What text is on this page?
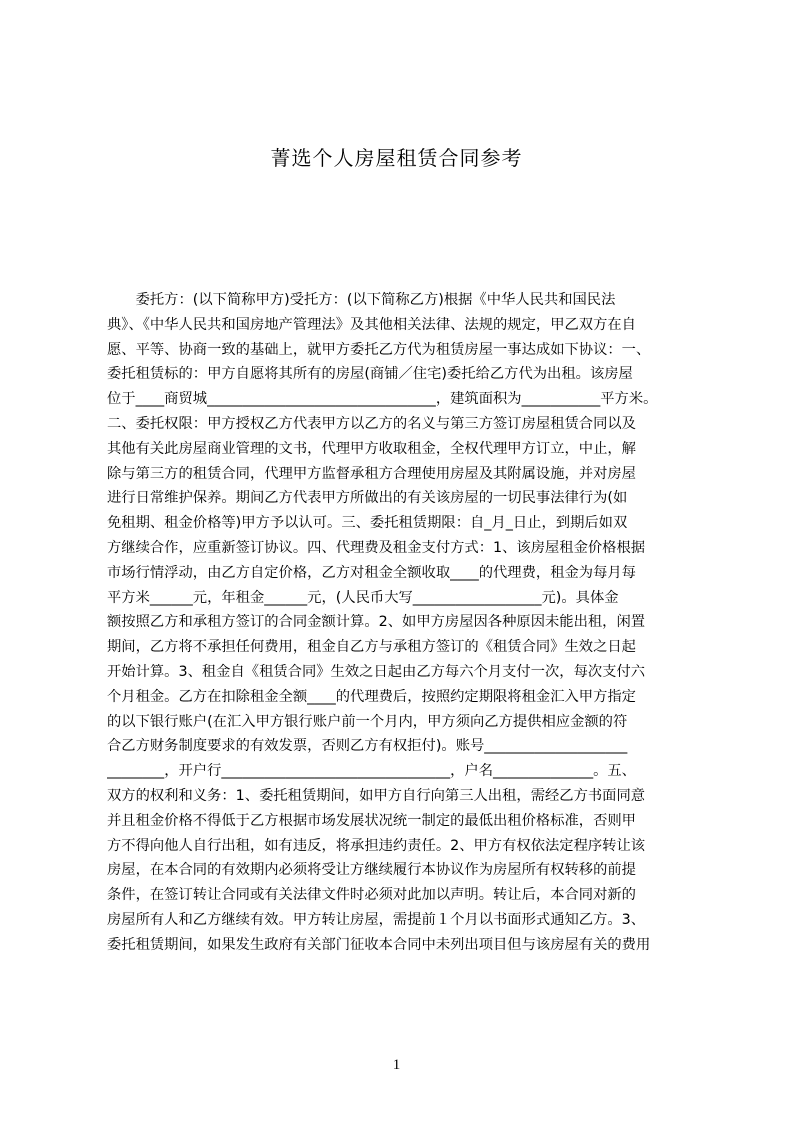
菁选个人房屋租赁合同参考
　　委托方：(以下简称甲方)受托方：(以下简称乙方)根据《中华人民共和国民法
典》、《中华人民共和国房地产管理法》及其他相关法律、法规的规定，甲乙双方在自
愿、平等、协商一致的基础上，就甲方委托乙方代为租赁房屋一事达成如下协议：一、
委托租赁标的：甲方自愿将其所有的房屋(商铺／住宅)委托给乙方代为出租。该房屋
位于____商贸城________________________________，建筑面积为___________平方米。
二、委托权限：甲方授权乙方代表甲方以乙方的名义与第三方签订房屋租赁合同以及
其他有关此房屋商业管理的文书，代理甲方收取租金，全权代理甲方订立，中止，解
除与第三方的租赁合同，代理甲方监督承租方合理使用房屋及其附属设施，并对房屋
进行日常维护保养。期间乙方代表甲方所做出的有关该房屋的一切民事法律行为(如
免租期、租金价格等)甲方予以认可。三、委托租赁期限：自_月_日止，到期后如双
方继续合作，应重新签订协议。四、代理费及租金支付方式：1、该房屋租金价格根据
市场行情浮动，由乙方自定价格，乙方对租金全额收取____的代理费，租金为每月每
平方米______元，年租金______元，(人民币大写__________________元)。具体金
额按照乙方和承租方签订的合同金额计算。2、如甲方房屋因各种原因未能出租，闲置
期间，乙方将不承担任何费用，租金自乙方与承租方签订的《租赁合同》生效之日起
开始计算。3、租金自《租赁合同》生效之日起由乙方每六个月支付一次，每次支付六
个月租金。乙方在扣除租金全额____的代理费后，按照约定期限将租金汇入甲方指定
的以下银行账户(在汇入甲方银行账户前一个月内，甲方须向乙方提供相应金额的符
合乙方财务制度要求的有效发票，否则乙方有权拒付)。账号____________________
________，开户行________________________________，户名______________。五、
双方的权利和义务：1、委托租赁期间，如甲方自行向第三人出租，需经乙方书面同意
并且租金价格不得低于乙方根据市场发展状况统一制定的最低出租价格标准，否则甲
方不得向他人自行出租，如有违反，将承担违约责任。2、甲方有权依法定程序转让该
房屋，在本合同的有效期内必须将受让方继续履行本协议作为房屋所有权转移的前提
条件，在签订转让合同或有关法律文件时必须对此加以声明。转让后，本合同对新的
房屋所有人和乙方继续有效。甲方转让房屋，需提前１个月以书面形式通知乙方。3、
委托租赁期间，如果发生政府有关部门征收本合同中未列出项目但与该房屋有关的费用
1
